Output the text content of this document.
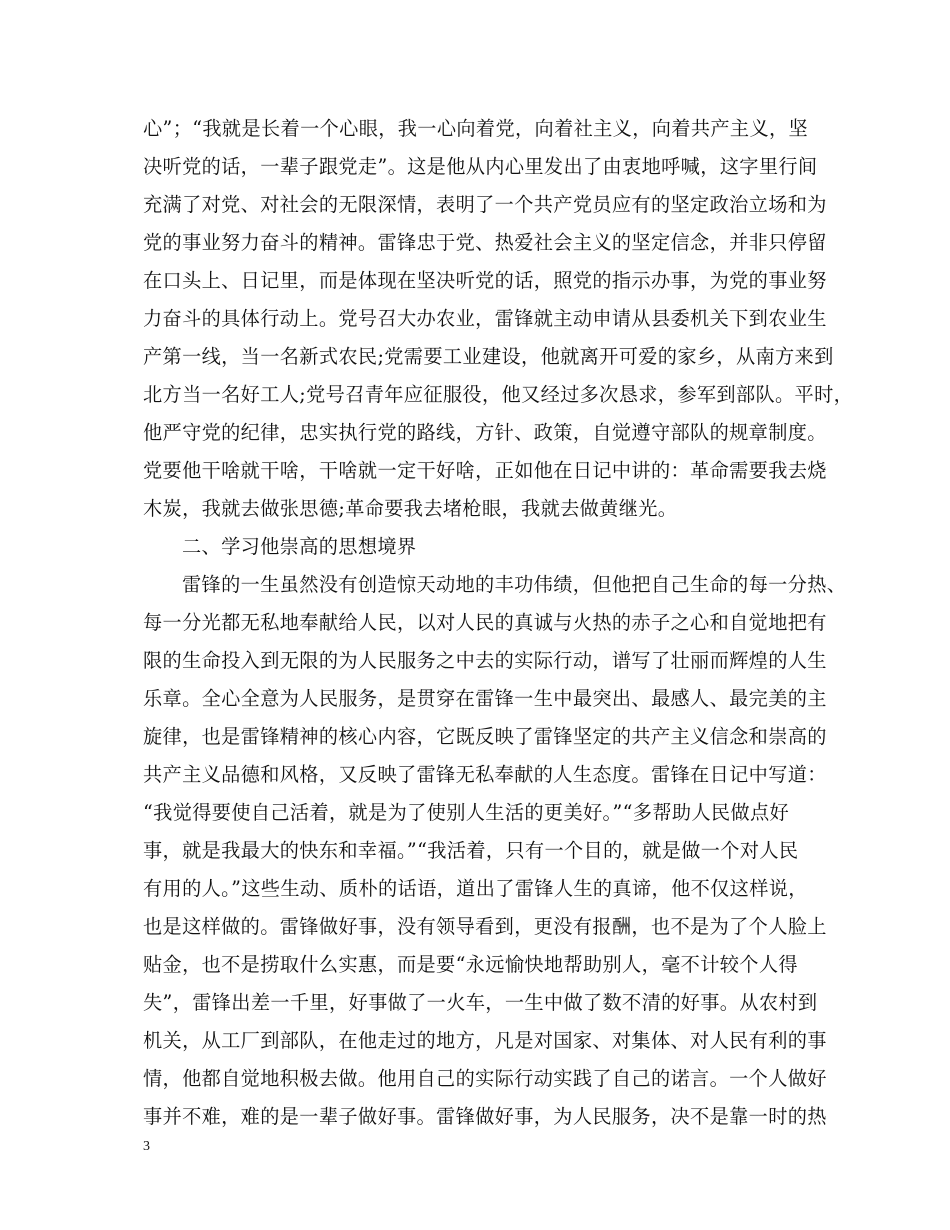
心”；“我就是长着一个心眼，我一心向着党，向着社主义，向着共产主义，坚
决听党的话，一辈子跟党走”。这是他从内心里发出了由衷地呼喊，这字里行间
充满了对党、对社会的无限深情，表明了一个共产党员应有的坚定政治立场和为
党的事业努力奋斗的精神。雷锋忠于党、热爱社会主义的坚定信念，并非只停留
在口头上、日记里，而是体现在坚决听党的话，照党的指示办事，为党的事业努
力奋斗的具体行动上。党号召大办农业，雷锋就主动申请从县委机关下到农业生
产第一线，当一名新式农民;党需要工业建设，他就离开可爱的家乡，从南方来到
北方当一名好工人;党号召青年应征服役，他又经过多次恳求，参军到部队。平时，
他严守党的纪律，忠实执行党的路线，方针、政策，自觉遵守部队的规章制度。
党要他干啥就干啥，干啥就一定干好啥，正如他在日记中讲的：革命需要我去烧
木炭，我就去做张思德;革命要我去堵枪眼，我就去做黄继光。
二、学习他崇高的思想境界
雷锋的一生虽然没有创造惊天动地的丰功伟绩，但他把自己生命的每一分热、
每一分光都无私地奉献给人民，以对人民的真诚与火热的赤子之心和自觉地把有
限的生命投入到无限的为人民服务之中去的实际行动，谱写了壮丽而辉煌的人生
乐章。全心全意为人民服务，是贯穿在雷锋一生中最突出、最感人、最完美的主
旋律，也是雷锋精神的核心内容，它既反映了雷锋坚定的共产主义信念和崇高的
共产主义品德和风格，又反映了雷锋无私奉献的人生态度。雷锋在日记中写道：
“我觉得要使自己活着，就是为了使别人生活的更美好。”“多帮助人民做点好
事，就是我最大的快东和幸福。”“我活着，只有一个目的，就是做一个对人民
有用的人。”这些生动、质朴的话语，道出了雷锋人生的真谛，他不仅这样说，
也是这样做的。雷锋做好事，没有领导看到，更没有报酬，也不是为了个人脸上
贴金，也不是捞取什么实惠，而是要“永远愉快地帮助别人，毫不计较个人得
失”，雷锋出差一千里，好事做了一火车，一生中做了数不清的好事。从农村到
机关，从工厂到部队，在他走过的地方，凡是对国家、对集体、对人民有利的事
情，他都自觉地积极去做。他用自己的实际行动实践了自己的诺言。一个人做好
事并不难，难的是一辈子做好事。雷锋做好事，为人民服务，决不是靠一时的热
3
